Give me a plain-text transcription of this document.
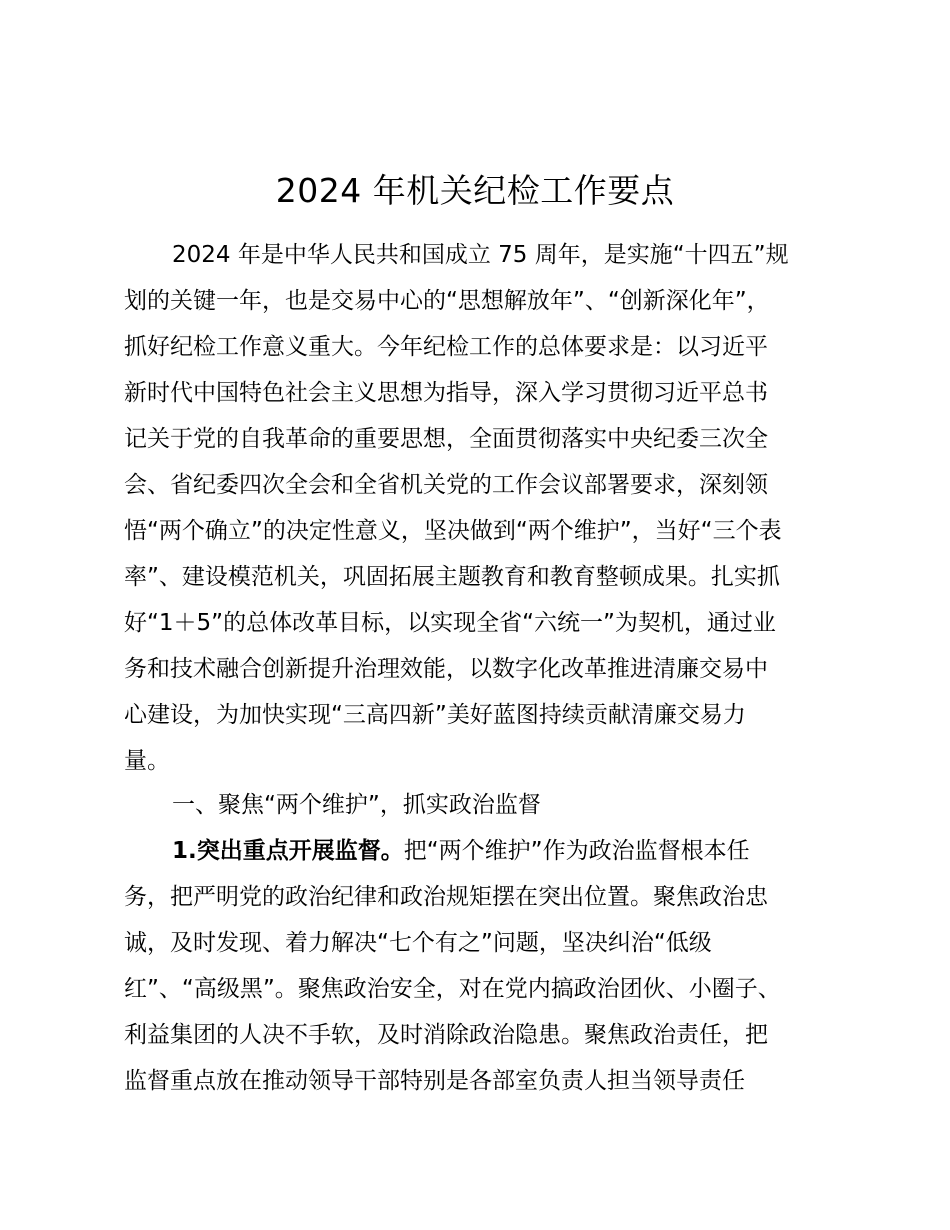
2024 年机关纪检工作要点
2024 年是中华人民共和国成立 75 周年，是实施“十四五”规
划的关键一年，也是交易中心的“思想解放年”、“创新深化年”，
抓好纪检工作意义重大。今年纪检工作的总体要求是：以习近平
新时代中国特色社会主义思想为指导，深入学习贯彻习近平总书
记关于党的自我革命的重要思想，全面贯彻落实中央纪委三次全
会、省纪委四次全会和全省机关党的工作会议部署要求，深刻领
悟“两个确立”的决定性意义，坚决做到“两个维护”，当好“三个表
率”、建设模范机关，巩固拓展主题教育和教育整顿成果。扎实抓
好“1＋5”的总体改革目标，以实现全省“六统一”为契机，通过业
务和技术融合创新提升治理效能，以数字化改革推进清廉交易中
心建设，为加快实现“三高四新”美好蓝图持续贡献清廉交易力
量。
一、聚焦“两个维护”，抓实政治监督
1.突出重点开展监督。把“两个维护”作为政治监督根本任
务，把严明党的政治纪律和政治规矩摆在突出位置。聚焦政治忠
诚，及时发现、着力解决“七个有之”问题，坚决纠治“低级
红”、“高级黑”。聚焦政治安全，对在党内搞政治团伙、小圈子、
利益集团的人决不手软，及时消除政治隐患。聚焦政治责任，把
监督重点放在推动领导干部特别是各部室负责人担当领导责任
